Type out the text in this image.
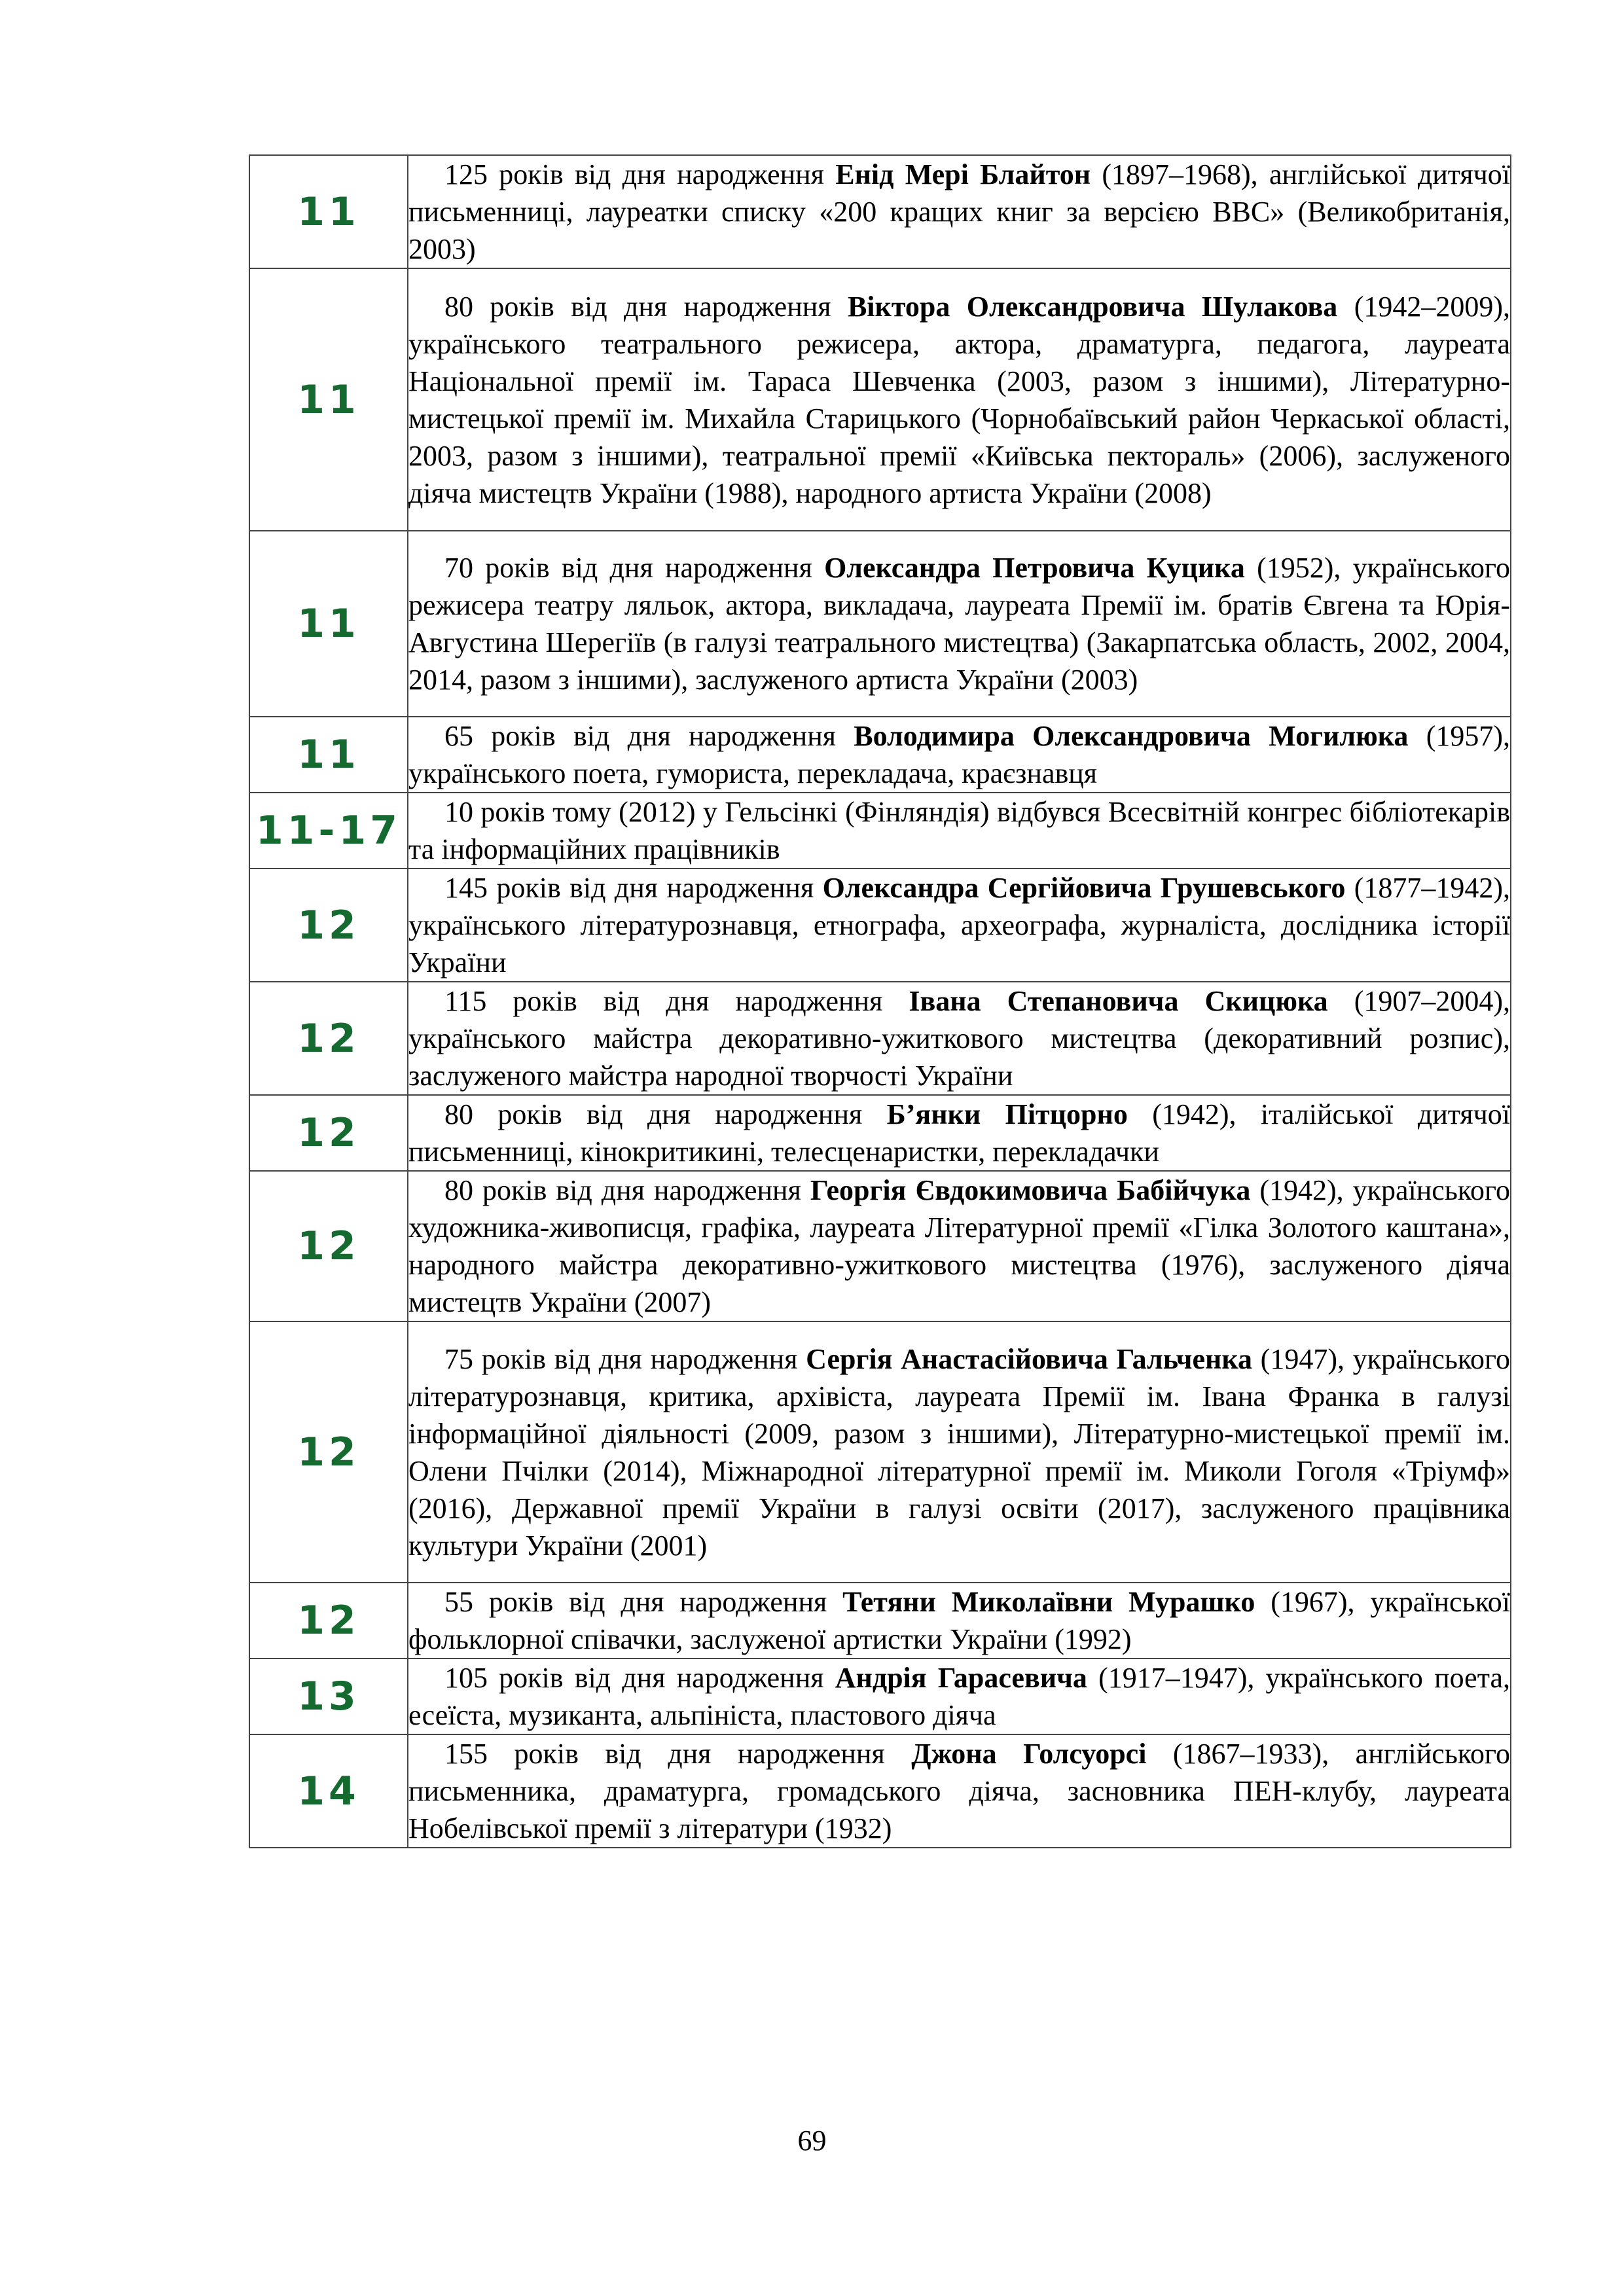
11	125 років від дня народження Енід Мері Блайтон (1897–1968), англійської дитячої письменниці, лауреатки списку «200 кращих книг за версією BBC» (Великобританія, 2003)

11	80 років від дня народження Віктора Олександровича Шулакова (1942–2009), українського театрального режисера, актора, драматурга, педагога, лауреата Національної премії ім. Тараса Шевченка (2003, разом з іншими), Літературно-мистецької премії ім. Михайла Старицького (Чорнобаївський район Черкаської області, 2003, разом з іншими), театральної премії «Київська пектораль» (2006), заслуженого діяча мистецтв України (1988), народного артиста України (2008)

11	70 років від дня народження Олександра Петровича Куцика (1952), українського режисера театру ляльок, актора, викладача, лауреата Премії ім. братів Євгена та Юрія-Августина Шерегіїв (в галузі театрального мистецтва) (Закарпатська область, 2002, 2004, 2014, разом з іншими), заслуженого артиста України (2003)

11	65 років від дня народження Володимира Олександровича Могилюка (1957), українського поета, гумориста, перекладача, краєзнавця

11-17	10 років тому (2012) у Гельсінкі (Фінляндія) відбувся Всесвітній конгрес бібліотекарів та інформаційних працівників

12	145 років від дня народження Олександра Сергійовича Грушевського (1877–1942), українського літературознавця, етнографа, археографа, журналіста, дослідника історії України

12	115 років від дня народження Івана Степановича Скицюка (1907–2004), українського майстра декоративно-ужиткового мистецтва (декоративний розпис), заслуженого майстра народної творчості України

12	80 років від дня народження Б’янки Пітцорно (1942), італійської дитячої письменниці, кінокритикині, телесценаристки, перекладачки

12	80 років від дня народження Георгія Євдокимовича Бабійчука (1942), українського художника-живописця, графіка, лауреата Літературної премії «Гілка Золотого каштана», народного майстра декоративно-ужиткового мистецтва (1976), заслуженого діяча мистецтв України (2007)

12	75 років від дня народження Сергія Анастасійовича Гальченка (1947), українського літературознавця, критика, архівіста, лауреата Премії ім. Івана Франка в галузі інформаційної діяльності (2009, разом з іншими), Літературно-мистецької премії ім. Олени Пчілки (2014), Міжнародної літературної премії ім. Миколи Гоголя «Тріумф» (2016), Державної премії України в галузі освіти (2017), заслуженого працівника культури України (2001)

12	55 років від дня народження Тетяни Миколаївни Мурашко (1967), української фольклорної співачки, заслуженої артистки України (1992)

13	105 років від дня народження Андрія Гарасевича (1917–1947), українського поета, есеїста, музиканта, альпініста, пластового діяча

14	155 років від дня народження Джона Голсуорсі (1867–1933), англійського письменника, драматурга, громадського діяча, засновника ПЕН-клубу, лауреата Нобелівської премії з літератури (1932)

69
